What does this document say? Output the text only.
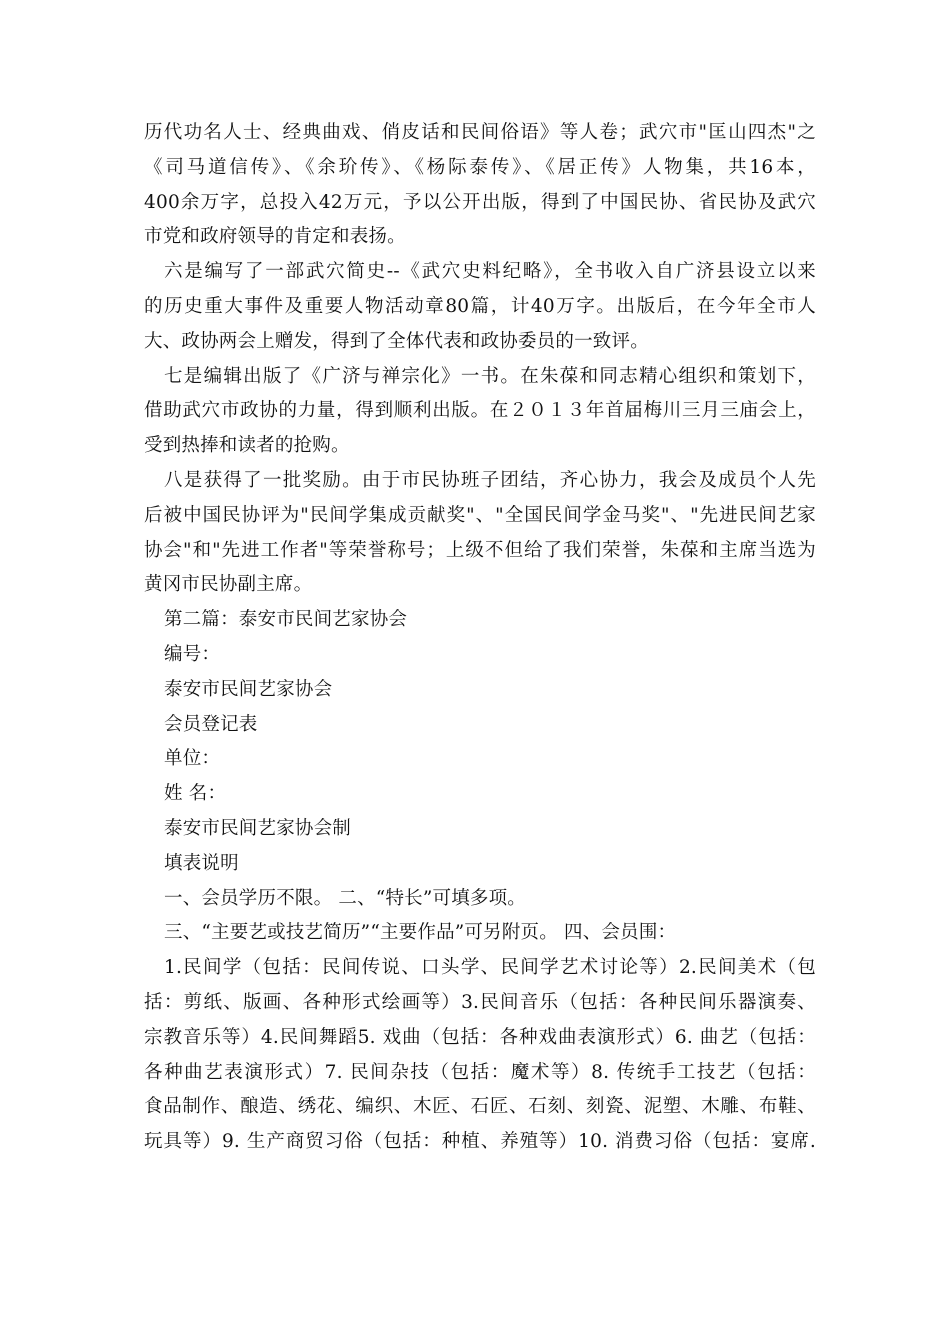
历代功名人士、经典曲戏、俏皮话和民间俗语》等人卷；武穴市"匡山四杰"之
《司马道信传》、《余玠传》、《杨际泰传》、《居正传》人物集，共16本，
400余万字，总投入42万元，予以公开出版，得到了中国民协、省民协及武穴
市党和政府领导的肯定和表扬。
六是编写了一部武穴简史--《武穴史料纪略》，全书收入自广济县设立以来
的历史重大事件及重要人物活动章80篇，计40万字。出版后，在今年全市人
大、政协两会上赠发，得到了全体代表和政协委员的一致评。
七是编辑出版了《广济与禅宗化》一书。在朱葆和同志精心组织和策划下，
借助武穴市政协的力量，得到顺利出版。在２０１３年首届梅川三月三庙会上，
受到热捧和读者的抢购。
八是获得了一批奖励。由于市民协班子团结，齐心协力，我会及成员个人先
后被中国民协评为"民间学集成贡献奖"、"全国民间学金马奖"、"先进民间艺家
协会"和"先进工作者"等荣誉称号；上级不但给了我们荣誉，朱葆和主席当选为
黄冈市民协副主席。
第二篇：泰安市民间艺家协会
编号：
泰安市民间艺家协会
会员登记表
单位：
姓 名：
泰安市民间艺家协会制
填表说明
一、会员学历不限。 二、“特长”可填多项。
三、“主要艺或技艺简历”“主要作品”可另附页。 四、会员围：
1.民间学（包括：民间传说、口头学、民间学艺术讨论等）2.民间美术（包
括：剪纸、版画、各种形式绘画等）3.民间音乐（包括：各种民间乐器演奏、
宗教音乐等）4.民间舞蹈5. 戏曲（包括：各种戏曲表演形式）6. 曲艺（包括：
各种曲艺表演形式）7. 民间杂技（包括：魔术等）8. 传统手工技艺（包括：
食品制作、酿造、绣花、编织、木匠、石匠、石刻、刻瓷、泥塑、木雕、布鞋、
玩具等）9. 生产商贸习俗（包括：种植、养殖等）10. 消费习俗（包括：宴席.
